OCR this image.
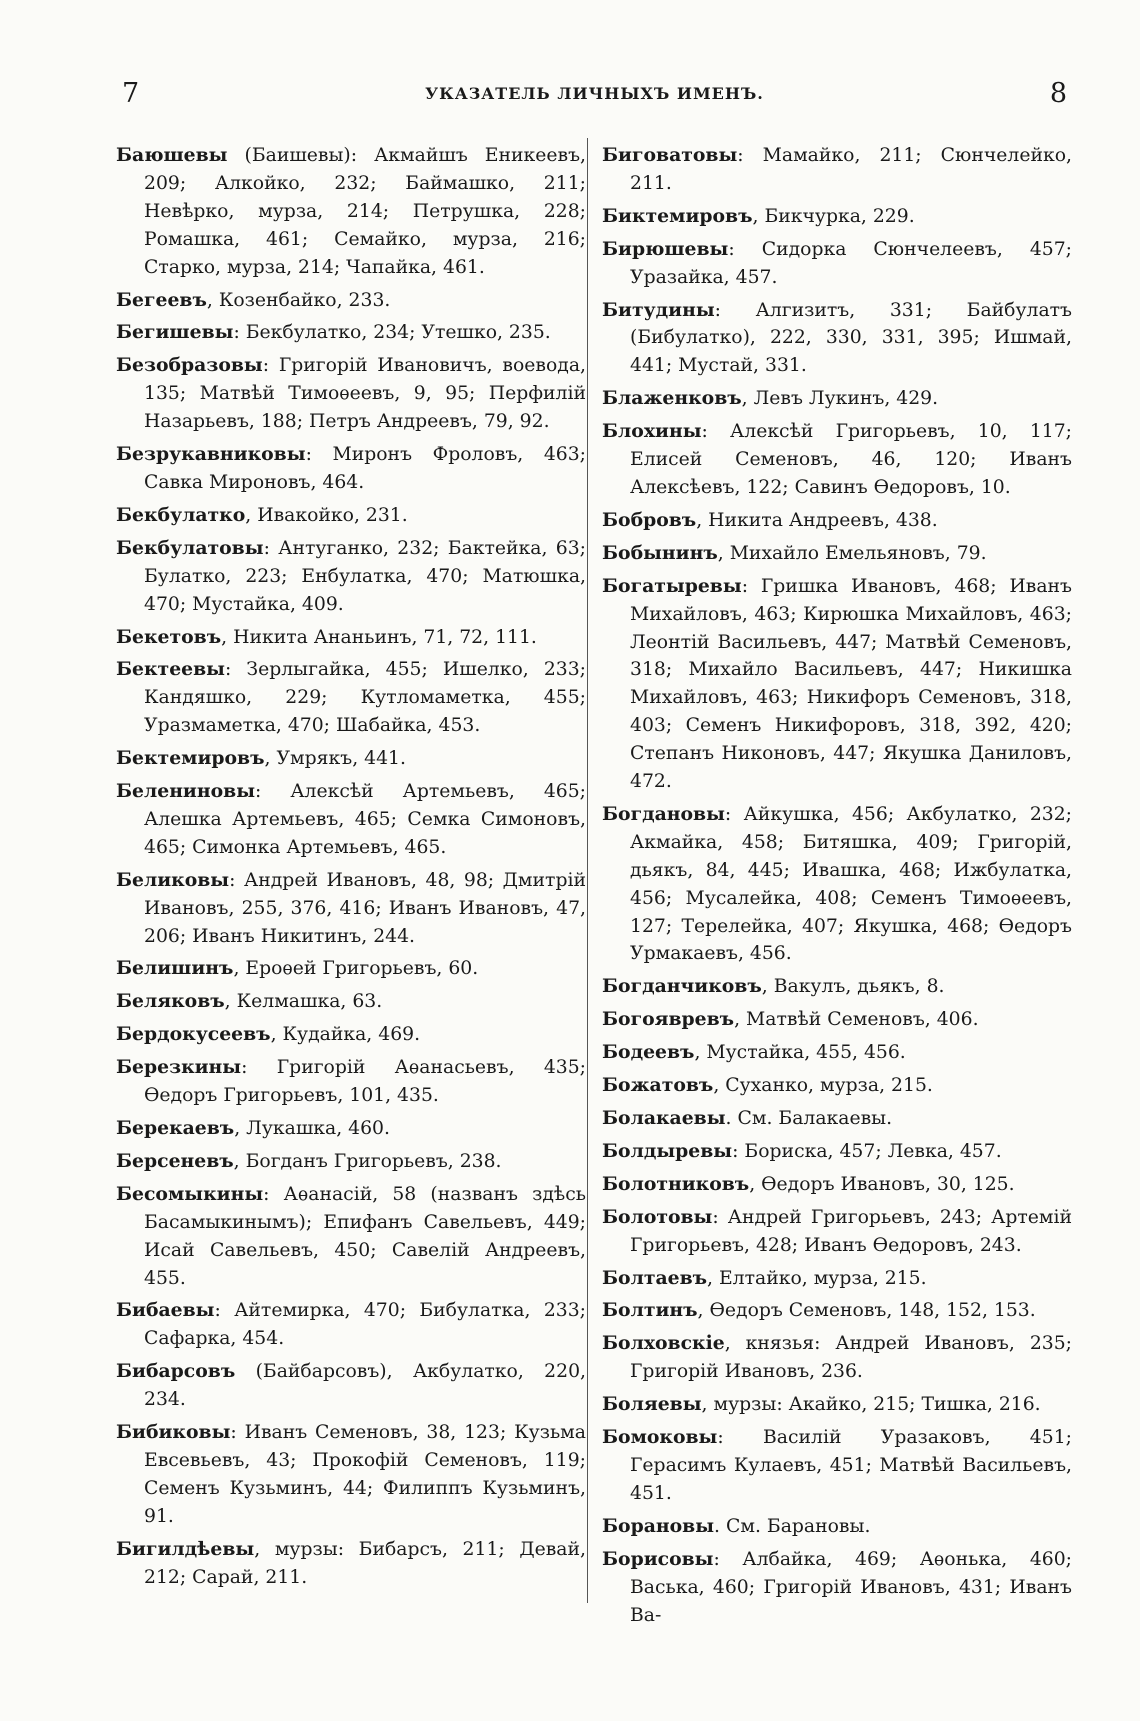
7	УКАЗАТЕЛЬ ЛИЧНЫХЪ ИМЕНЪ.	8

Баюшевы (Баишевы): Акмайшъ Еникеевъ, 209; Алкойко, 232; Баймашко, 211; Невѣрко, мурза, 214; Петрушка, 228; Ромашка, 461; Семайко, мурза, 216; Старко, мурза, 214; Чапайка, 461.

Бегеевъ, Козенбайко, 233.

Бегишевы: Бекбулатко, 234; Утешко, 235.

Безобразовы: Григорій Ивановичъ, воевода, 135; Матвѣй Тимоѳеевъ, 9, 95; Перфилій Назарьевъ, 188; Петръ Андреевъ, 79, 92.

Безрукавниковы: Миронъ Фроловъ, 463; Савка Мироновъ, 464.

Бекбулатко, Ивакойко, 231.

Бекбулатовы: Антуганко, 232; Бактейка, 63; Булатко, 223; Енбулатка, 470; Матюшка, 470; Мустайка, 409.

Бекетовъ, Никита Ананьинъ, 71, 72, 111.

Бектеевы: Зерлыгайка, 455; Ишелко, 233; Кандяшко, 229; Кутломаметка, 455; Уразмаметка, 470; Шабайка, 453.

Бектемировъ, Умрякъ, 441.

Белениновы: Алексѣй Артемьевъ, 465; Алешка Артемьевъ, 465; Семка Симоновъ, 465; Симонка Артемьевъ, 465.

Беликовы: Андрей Ивановъ, 48, 98; Дмитрій Ивановъ, 255, 376, 416; Иванъ Ивановъ, 47, 206; Иванъ Никитинъ, 244.

Белишинъ, Ероѳей Григорьевъ, 60.

Беляковъ, Келмашка, 63.

Бердокусеевъ, Кудайка, 469.

Березкины: Григорій Аѳанасьевъ, 435; Ѳедоръ Григорьевъ, 101, 435.

Берекаевъ, Лукашка, 460.

Берсеневъ, Богданъ Григорьевъ, 238.

Бесомыкины: Аѳанасій, 58 (названъ здѣсь Басамыкинымъ); Епифанъ Савельевъ, 449; Исай Савельевъ, 450; Савелій Андреевъ, 455.

Бибаевы: Айтемирка, 470; Бибулатка, 233; Сафарка, 454.

Бибарсовъ (Байбарсовъ), Акбулатко, 220, 234.

Бибиковы: Иванъ Семеновъ, 38, 123; Кузьма Евсевьевъ, 43; Прокофій Семеновъ, 119; Семенъ Кузьминъ, 44; Филиппъ Кузьминъ, 91.

Бигилдѣевы, мурзы: Бибарсъ, 211; Девай, 212; Сарай, 211.

Биговатовы: Мамайко, 211; Сюнчелейко, 211.

Биктемировъ, Бикчурка, 229.

Бирюшевы: Сидорка Сюнчелеевъ, 457; Уразайка, 457.

Битудины: Алгизитъ, 331; Байбулатъ (Бибулатко), 222, 330, 331, 395; Ишмай, 441; Мустай, 331.

Блаженковъ, Левъ Лукинъ, 429.

Блохины: Алексѣй Григорьевъ, 10, 117; Елисей Семеновъ, 46, 120; Иванъ Алексѣевъ, 122; Савинъ Ѳедоровъ, 10.

Бобровъ, Никита Андреевъ, 438.

Бобынинъ, Михайло Емельяновъ, 79.

Богатыревы: Гришка Ивановъ, 468; Иванъ Михайловъ, 463; Кирюшка Михайловъ, 463; Леонтій Васильевъ, 447; Матвѣй Семеновъ, 318; Михайло Васильевъ, 447; Никишка Михайловъ, 463; Никифоръ Семеновъ, 318, 403; Семенъ Никифоровъ, 318, 392, 420; Степанъ Никоновъ, 447; Якушка Даниловъ, 472.

Богдановы: Айкушка, 456; Акбулатко, 232; Акмайка, 458; Битяшка, 409; Григорій, дьякъ, 84, 445; Ивашка, 468; Ижбулатка, 456; Мусалейка, 408; Семенъ Тимоѳеевъ, 127; Терелейка, 407; Якушка, 468; Ѳедоръ Урмакаевъ, 456.

Богданчиковъ, Вакулъ, дьякъ, 8.

Богоявревъ, Матвѣй Семеновъ, 406.

Бодеевъ, Мустайка, 455, 456.

Божатовъ, Суханко, мурза, 215.

Болакаевы. См. Балакаевы.

Болдыревы: Бориска, 457; Левка, 457.

Болотниковъ, Ѳедоръ Ивановъ, 30, 125.

Болотовы: Андрей Григорьевъ, 243; Артемій Григорьевъ, 428; Иванъ Ѳедоровъ, 243.

Болтаевъ, Елтайко, мурза, 215.

Болтинъ, Ѳедоръ Семеновъ, 148, 152, 153.

Болховскіе, князья: Андрей Ивановъ, 235; Григорій Ивановъ, 236.

Боляевы, мурзы: Акайко, 215; Тишка, 216.

Бомоковы: Василій Уразаковъ, 451; Герасимъ Кулаевъ, 451; Матвѣй Васильевъ, 451.

Борановы. См. Барановы.

Борисовы: Албайка, 469; Аѳонька, 460; Васька, 460; Григорій Ивановъ, 431; Иванъ Ва-
